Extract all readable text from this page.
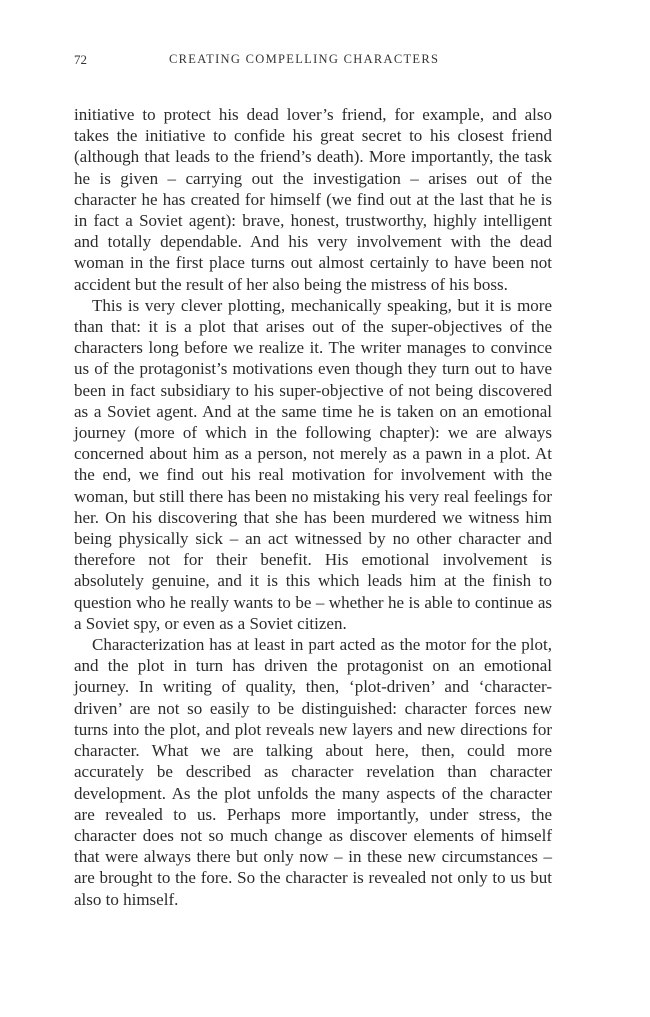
72	CREATING COMPELLING CHARACTERS

initiative to protect his dead lover’s friend, for example, and also takes the initiative to confide his great secret to his closest friend (although that leads to the friend’s death). More importantly, the task he is given – carrying out the investigation – arises out of the character he has created for himself (we find out at the last that he is in fact a Soviet agent): brave, honest, trustworthy, highly intelligent and totally dependable. And his very involvement with the dead woman in the first place turns out almost certainly to have been not accident but the result of her also being the mistress of his boss.

This is very clever plotting, mechanically speaking, but it is more than that: it is a plot that arises out of the super-objectives of the characters long before we realize it. The writer manages to convince us of the protagonist’s motivations even though they turn out to have been in fact subsidiary to his super-objective of not being discovered as a Soviet agent. And at the same time he is taken on an emotional journey (more of which in the following chapter): we are always concerned about him as a person, not merely as a pawn in a plot. At the end, we find out his real motivation for involvement with the woman, but still there has been no mistaking his very real feelings for her. On his discovering that she has been murdered we witness him being physically sick – an act witnessed by no other character and therefore not for their benefit. His emotional involvement is absolutely genuine, and it is this which leads him at the finish to question who he really wants to be – whether he is able to continue as a Soviet spy, or even as a Soviet citizen.

Characterization has at least in part acted as the motor for the plot, and the plot in turn has driven the protagonist on an emotional journey. In writing of quality, then, ‘plot-driven’ and ‘character-driven’ are not so easily to be distinguished: character forces new turns into the plot, and plot reveals new layers and new directions for character. What we are talking about here, then, could more accurately be described as character revelation than character development. As the plot unfolds the many aspects of the character are revealed to us. Perhaps more importantly, under stress, the character does not so much change as discover elements of himself that were always there but only now – in these new circumstances – are brought to the fore. So the character is revealed not only to us but also to himself.
